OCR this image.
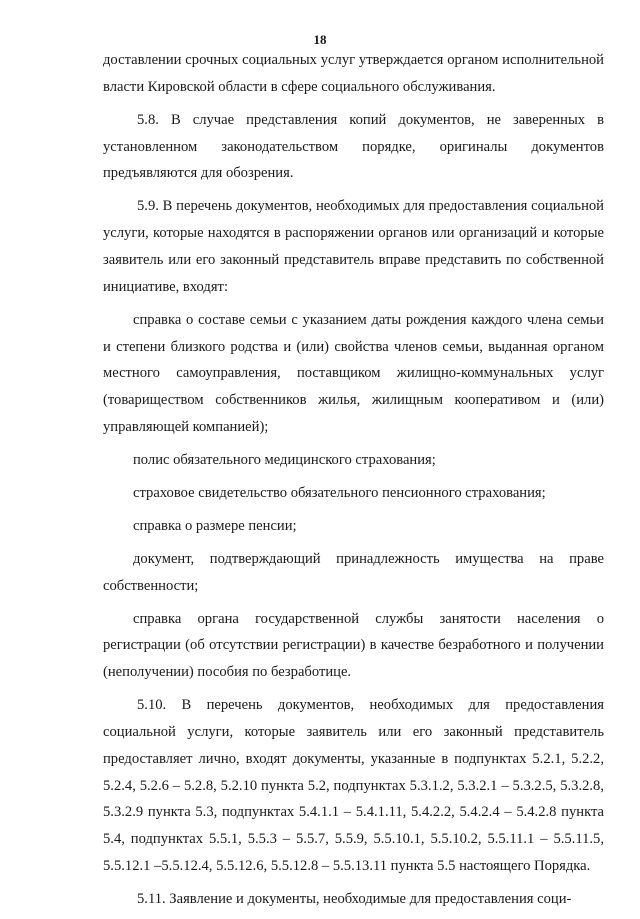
18

доставлении срочных социальных услуг утверждается органом исполнительной власти Кировской области в сфере социального обслуживания.

5.8. В случае представления копий документов, не заверенных в установленном законодательством порядке, оригиналы документов предъявляются для обозрения.

5.9. В перечень документов, необходимых для предоставления социальной услуги, которые находятся в распоряжении органов или организаций и которые заявитель или его законный представитель вправе представить по собственной инициативе, входят:

справка о составе семьи с указанием даты рождения каждого члена семьи и степени близкого родства и (или) свойства членов семьи, выданная органом местного самоуправления, поставщиком жилищно-коммунальных услуг (товариществом собственников жилья, жилищным кооперативом и (или) управляющей компанией);

полис обязательного медицинского страхования;

страховое свидетельство обязательного пенсионного страхования;

справка о размере пенсии;

документ, подтверждающий принадлежность имущества на праве собственности;

справка органа государственной службы занятости населения о регистрации (об отсутствии регистрации) в качестве безработного и получении (неполучении) пособия по безработице.

5.10. В перечень документов, необходимых для предоставления социальной услуги, которые заявитель или его законный представитель предоставляет лично, входят документы, указанные в подпунктах 5.2.1, 5.2.2, 5.2.4, 5.2.6 – 5.2.8, 5.2.10 пункта 5.2, подпунктах 5.3.1.2, 5.3.2.1 – 5.3.2.5, 5.3.2.8, 5.3.2.9 пункта 5.3, подпунктах 5.4.1.1 – 5.4.1.11, 5.4.2.2, 5.4.2.4 – 5.4.2.8 пункта 5.4, подпунктах 5.5.1, 5.5.3 – 5.5.7, 5.5.9, 5.5.10.1, 5.5.10.2, 5.5.11.1 – 5.5.11.5, 5.5.12.1 –5.5.12.4, 5.5.12.6, 5.5.12.8 – 5.5.13.11 пункта 5.5 настоящего Порядка.

5.11. Заявление и документы, необходимые для предоставления соци-
